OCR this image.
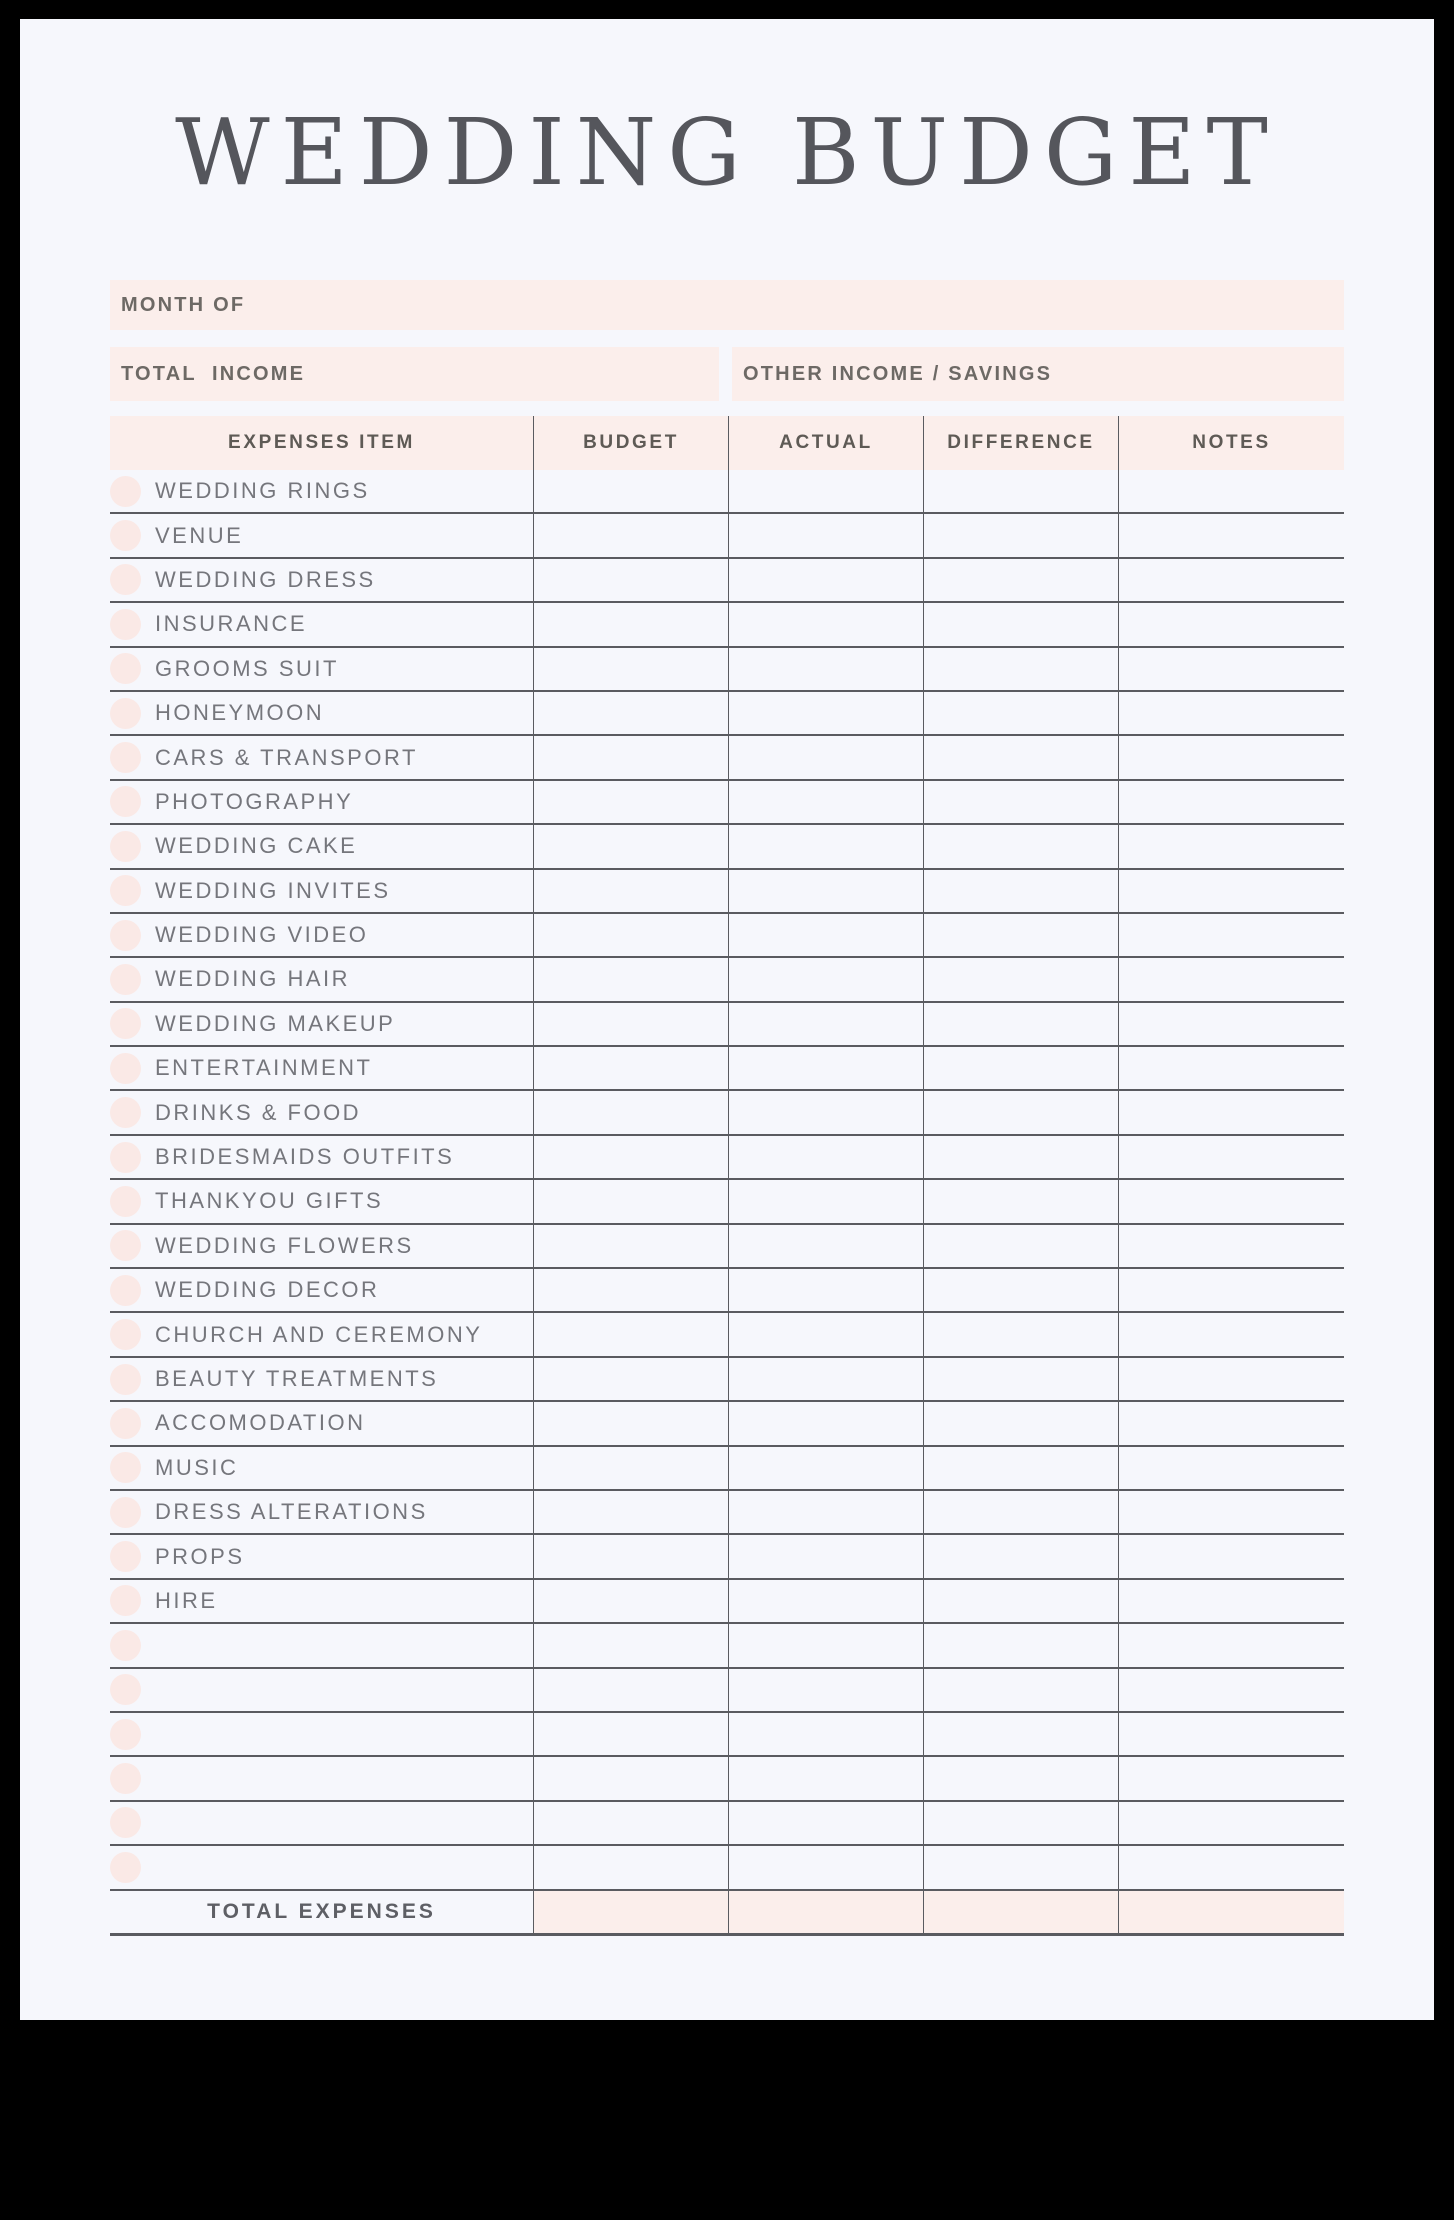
WEDDING BUDGET
MONTH OF
TOTAL  INCOME	OTHER INCOME / SAVINGS
EXPENSES ITEM	BUDGET	ACTUAL	DIFFERENCE	NOTES
WEDDING RINGS
VENUE
WEDDING DRESS
INSURANCE
GROOMS SUIT
HONEYMOON
CARS & TRANSPORT
PHOTOGRAPHY
WEDDING CAKE
WEDDING INVITES
WEDDING VIDEO
WEDDING HAIR
WEDDING MAKEUP
ENTERTAINMENT
DRINKS & FOOD
BRIDESMAIDS OUTFITS
THANKYOU GIFTS
WEDDING FLOWERS
WEDDING DECOR
CHURCH AND CEREMONY
BEAUTY TREATMENTS
ACCOMODATION
MUSIC
DRESS ALTERATIONS
PROPS
HIRE
TOTAL EXPENSES
